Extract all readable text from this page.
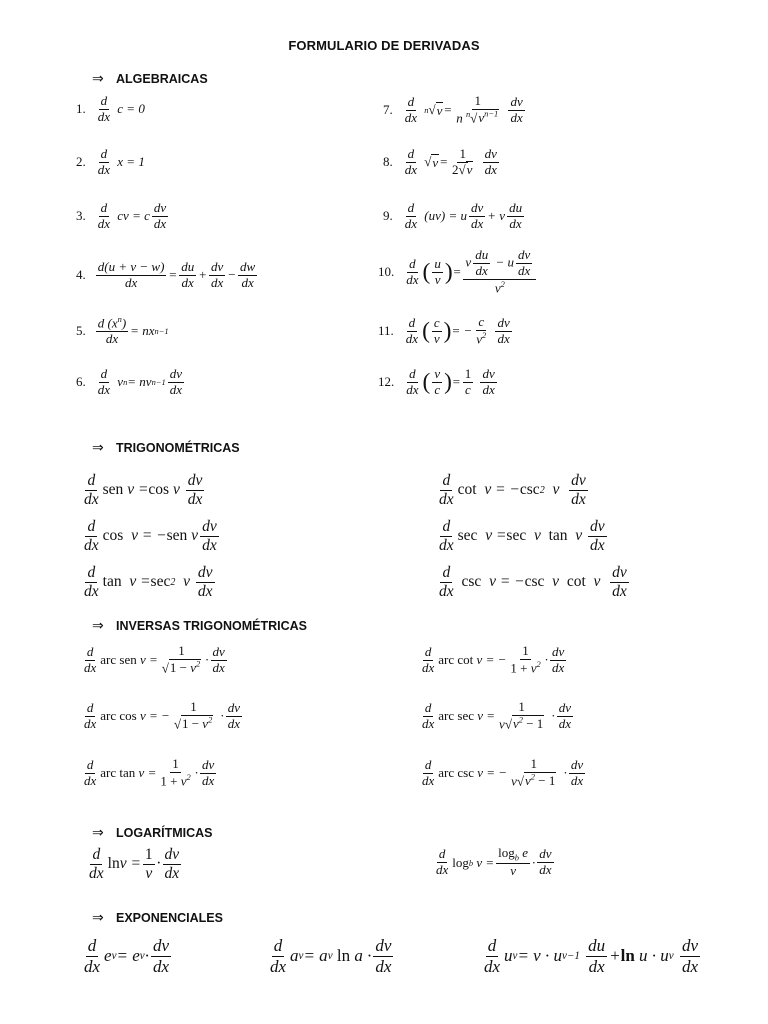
FORMULARIO DE DERIVADAS
⇒ ALGEBRAICAS
⇒ TRIGONOMÉTRICAS
⇒ INVERSAS TRIGONOMÉTRICAS
⇒ LOGARÍTMICAS
⇒ EXPONENCIALES
1.
d
dx c = 0
2.
d
dx x = 1
3.
d
dx cv = c
dv
dx
4.
d(u + v − w)
dx =
du
dx +
dv
dx −
dw
dx
5.
d $(x^n)$
dx
= nx n−1
6.
d
dx v n = nv n−1
dv
dx
7.
d
dx
n √ v =
1
n $^n√v^{n-1}$

dv
dx
8.
d
dx √ v =
1
2√v

dv
dx
9.
d
dx (uv) = u
dv
dx + v
du
dx
10.
d
dx ( u
v ) =
v $\frac{du}{dx} - u \frac{dv}{dx}$
$v^2$
11.
d
dx ( c
v ) = −
c
$v^2$

dv
dx
12.
d
dx ( v
c ) =
1
c

dv
dx
d
dx
sen v = cos v
dv
dx
d
dx
cos v = − sen v
dv
dx
d
dx
tan v = sec 2 v
dv
dx
d
dx
cot v = − csc 2 v
dv
dx
d
dx
sec v = sec v tan v
dv
dx
d
dx

csc v = − csc v cot v
dv
dx
d
dx arc sen v =
1
$√1 - v^2$ ·
dv
dx
d
dx arc cos v = −
1
$√1 - v^2$ ·
dv
dx
d
dx arc tan v =
1
$1 + v^2$ ·
dv
dx
d
dx arc cot v = −
1
$1 + v^2$ ·
dv
dx
d
dx arc sec v =
1
$v√v^2 - 1$
·
dv
dx
d
dx arc csc v = −
1
$v√v^2 - 1$
·
dv
dx
d
dx
ln v =
1
v
·
dv
dx
d
dx log b v =
$\log_b e$
v
·
dv
dx
d
dx
e v = e v ·
dv
dx
d
dx
a v = a v
ln a ·
dv
dx
d
dx
u v = v · u v−1

du
dx
+ ln u · u v

dv
dx
